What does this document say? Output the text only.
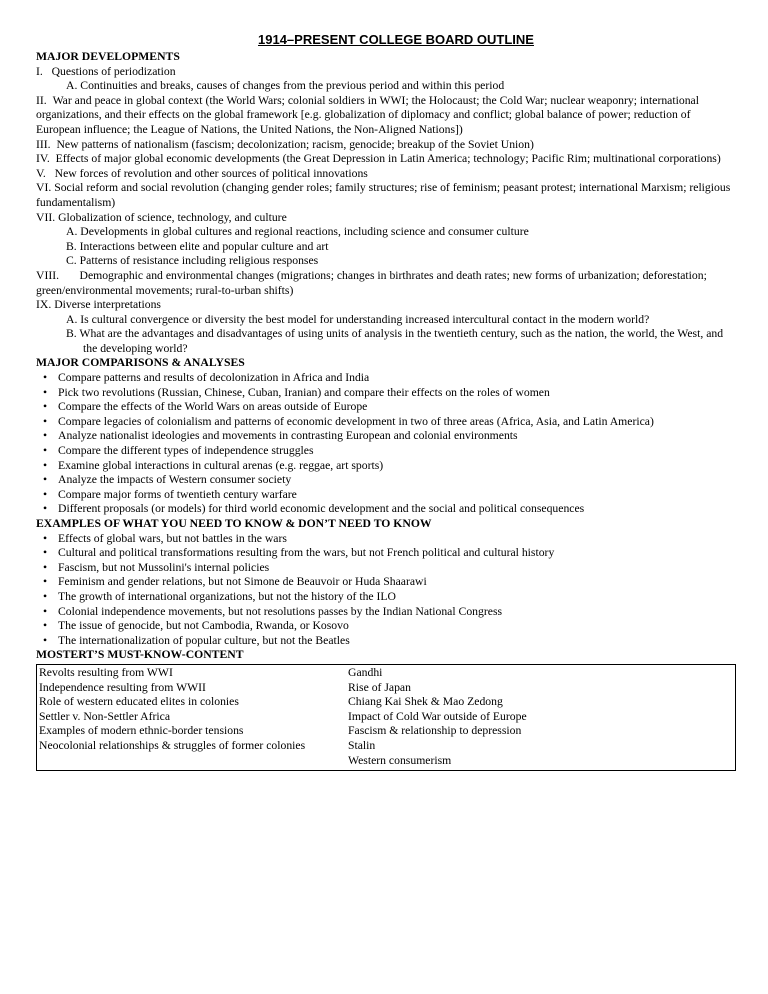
1914–PRESENT COLLEGE BOARD OUTLINE
MAJOR DEVELOPMENTS
I. Questions of periodization
A. Continuities and breaks, causes of changes from the previous period and within this period
II. War and peace in global context (the World Wars; colonial soldiers in WWI; the Holocaust; the Cold War; nuclear weaponry; international organizations, and their effects on the global framework [e.g. globalization of diplomacy and conflict; global balance of power; reduction of European influence; the League of Nations, the United Nations, the Non-Aligned Nations])
III. New patterns of nationalism (fascism; decolonization; racism, genocide; breakup of the Soviet Union)
IV. Effects of major global economic developments (the Great Depression in Latin America; technology; Pacific Rim; multinational corporations)
V. New forces of revolution and other sources of political innovations
VI. Social reform and social revolution (changing gender roles; family structures; rise of feminism; peasant protest; international Marxism; religious fundamentalism)
VII. Globalization of science, technology, and culture
A. Developments in global cultures and regional reactions, including science and consumer culture
B. Interactions between elite and popular culture and art
C. Patterns of resistance including religious responses
VIII. Demographic and environmental changes (migrations; changes in birthrates and death rates; new forms of urbanization; deforestation; green/environmental movements; rural-to-urban shifts)
IX. Diverse interpretations
A. Is cultural convergence or diversity the best model for understanding increased intercultural contact in the modern world?
B. What are the advantages and disadvantages of using units of analysis in the twentieth century, such as the nation, the world, the West, and the developing world?
MAJOR COMPARISONS & ANALYSES
• Compare patterns and results of decolonization in Africa and India
• Pick two revolutions (Russian, Chinese, Cuban, Iranian) and compare their effects on the roles of women
• Compare the effects of the World Wars on areas outside of Europe
• Compare legacies of colonialism and patterns of economic development in two of three areas (Africa, Asia, and Latin America)
• Analyze nationalist ideologies and movements in contrasting European and colonial environments
• Compare the different types of independence struggles
• Examine global interactions in cultural arenas (e.g. reggae, art sports)
• Analyze the impacts of Western consumer society
• Compare major forms of twentieth century warfare
• Different proposals (or models) for third world economic development and the social and political consequences
EXAMPLES OF WHAT YOU NEED TO KNOW & DON’T NEED TO KNOW
• Effects of global wars, but not battles in the wars
• Cultural and political transformations resulting from the wars, but not French political and cultural history
• Fascism, but not Mussolini's internal policies
• Feminism and gender relations, but not Simone de Beauvoir or Huda Shaarawi
• The growth of international organizations, but not the history of the ILO
• Colonial independence movements, but not resolutions passes by the Indian National Congress
• The issue of genocide, but not Cambodia, Rwanda, or Kosovo
• The internationalization of popular culture, but not the Beatles
MOSTERT’S MUST-KNOW-CONTENT
Revolts resulting from WWI
Independence resulting from WWII
Role of western educated elites in colonies
Settler v. Non-Settler Africa
Examples of modern ethnic-border tensions
Neocolonial relationships & struggles of former colonies
Gandhi
Rise of Japan
Chiang Kai Shek & Mao Zedong
Impact of Cold War outside of Europe
Fascism & relationship to depression
Stalin
Western consumerism
